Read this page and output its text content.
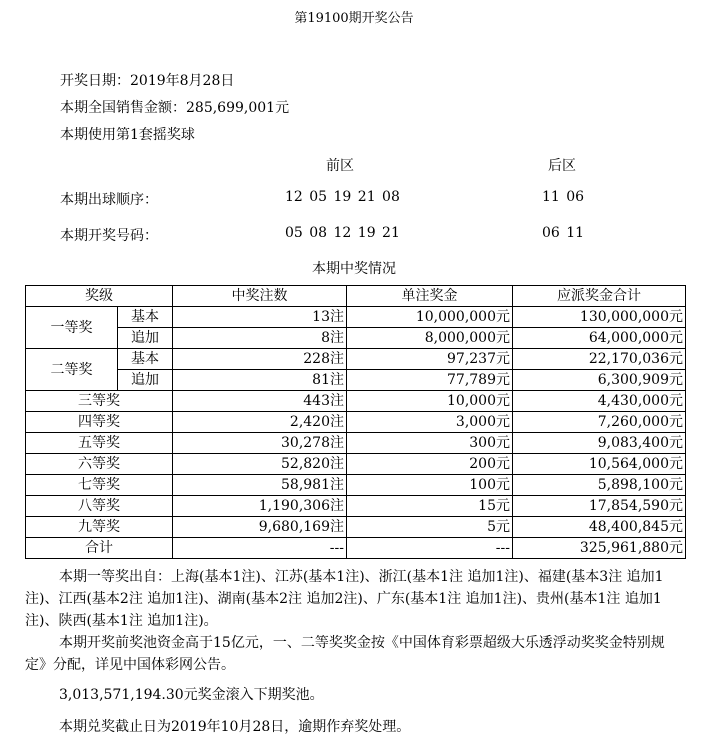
第19100期开奖公告
开奖日期：2019年8月28日
本期全国销售金额：285,699,001元
本期使用第1套摇奖球
前区	后区
本期出球顺序：	12 05 19 21 08	11 06
本期开奖号码：	05 08 12 19 21	06 11
本期中奖情况
奖级		中奖注数	单注奖金	应派奖金合计
一等奖	基本	13注	10,000,000元	130,000,000元
	追加	8注	8,000,000元	64,000,000元
二等奖	基本	228注	97,237元	22,170,036元
	追加	81注	77,789元	6,300,909元
三等奖		443注	10,000元	4,430,000元
四等奖		2,420注	3,000元	7,260,000元
五等奖		30,278注	300元	9,083,400元
六等奖		52,820注	200元	10,564,000元
七等奖		58,981注	100元	5,898,100元
八等奖		1,190,306注	15元	17,854,590元
九等奖		9,680,169注	5元	48,400,845元
合计		---	---	325,961,880元

本期一等奖出自：上海(基本1注)、江苏(基本1注)、浙江(基本1注 追加1注)、福建(基本3注 追加1注)、江西(基本2注 追加1注)、湖南(基本2注 追加2注)、广东(基本1注 追加1注)、贵州(基本1注 追加1注)、陕西(基本1注 追加1注)。

本期开奖前奖池资金高于15亿元，一、二等奖奖金按《中国体育彩票超级大乐透浮动奖奖金特别规定》分配，详见中国体彩网公告。

3,013,571,194.30元奖金滚入下期奖池。
本期兑奖截止日为2019年10月28日，逾期作弃奖处理。
